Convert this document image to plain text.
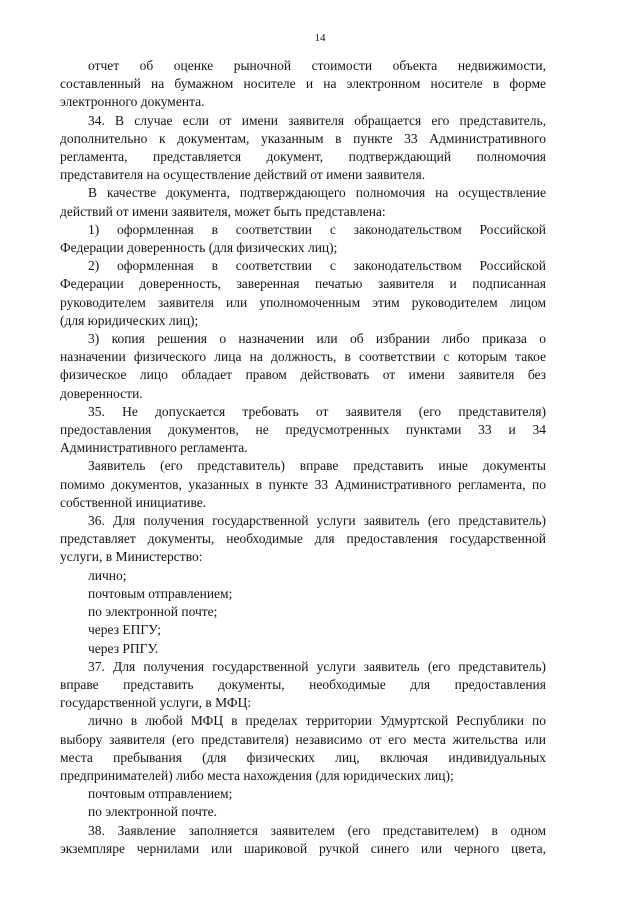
14
отчет об оценке рыночной стоимости объекта недвижимости,
составленный на бумажном носителе и на электронном носителе в форме
электронного документа.
34. В случае если от имени заявителя обращается его представитель,
дополнительно к документам, указанным в пункте 33 Административного
регламента, представляется документ, подтверждающий полномочия
представителя на осуществление действий от имени заявителя.
В качестве документа, подтверждающего полномочия на осуществление
действий от имени заявителя, может быть представлена:
1) оформленная в соответствии с законодательством Российской
Федерации доверенность (для физических лиц);
2) оформленная в соответствии с законодательством Российской
Федерации доверенность, заверенная печатью заявителя и подписанная
руководителем заявителя или уполномоченным этим руководителем лицом
(для юридических лиц);
3) копия решения о назначении или об избрании либо приказа о
назначении физического лица на должность, в соответствии с которым такое
физическое лицо обладает правом действовать от имени заявителя без
доверенности.
35. Не допускается требовать от заявителя (его представителя)
предоставления документов, не предусмотренных пунктами 33 и 34
Административного регламента.
Заявитель (его представитель) вправе представить иные документы
помимо документов, указанных в пункте 33 Административного регламента, по
собственной инициативе.
36. Для получения государственной услуги заявитель (его представитель)
представляет документы, необходимые для предоставления государственной
услуги, в Министерство:
лично;
почтовым отправлением;
по электронной почте;
через ЕПГУ;
через РПГУ.
37. Для получения государственной услуги заявитель (его представитель)
вправе представить документы, необходимые для предоставления
государственной услуги, в МФЦ:
лично в любой МФЦ в пределах территории Удмуртской Республики по
выбору заявителя (его представителя) независимо от его места жительства или
места пребывания (для физических лиц, включая индивидуальных
предпринимателей) либо места нахождения (для юридических лиц);
почтовым отправлением;
по электронной почте.
38. Заявление заполняется заявителем (его представителем) в одном
экземпляре чернилами или шариковой ручкой синего или черного цвета,
